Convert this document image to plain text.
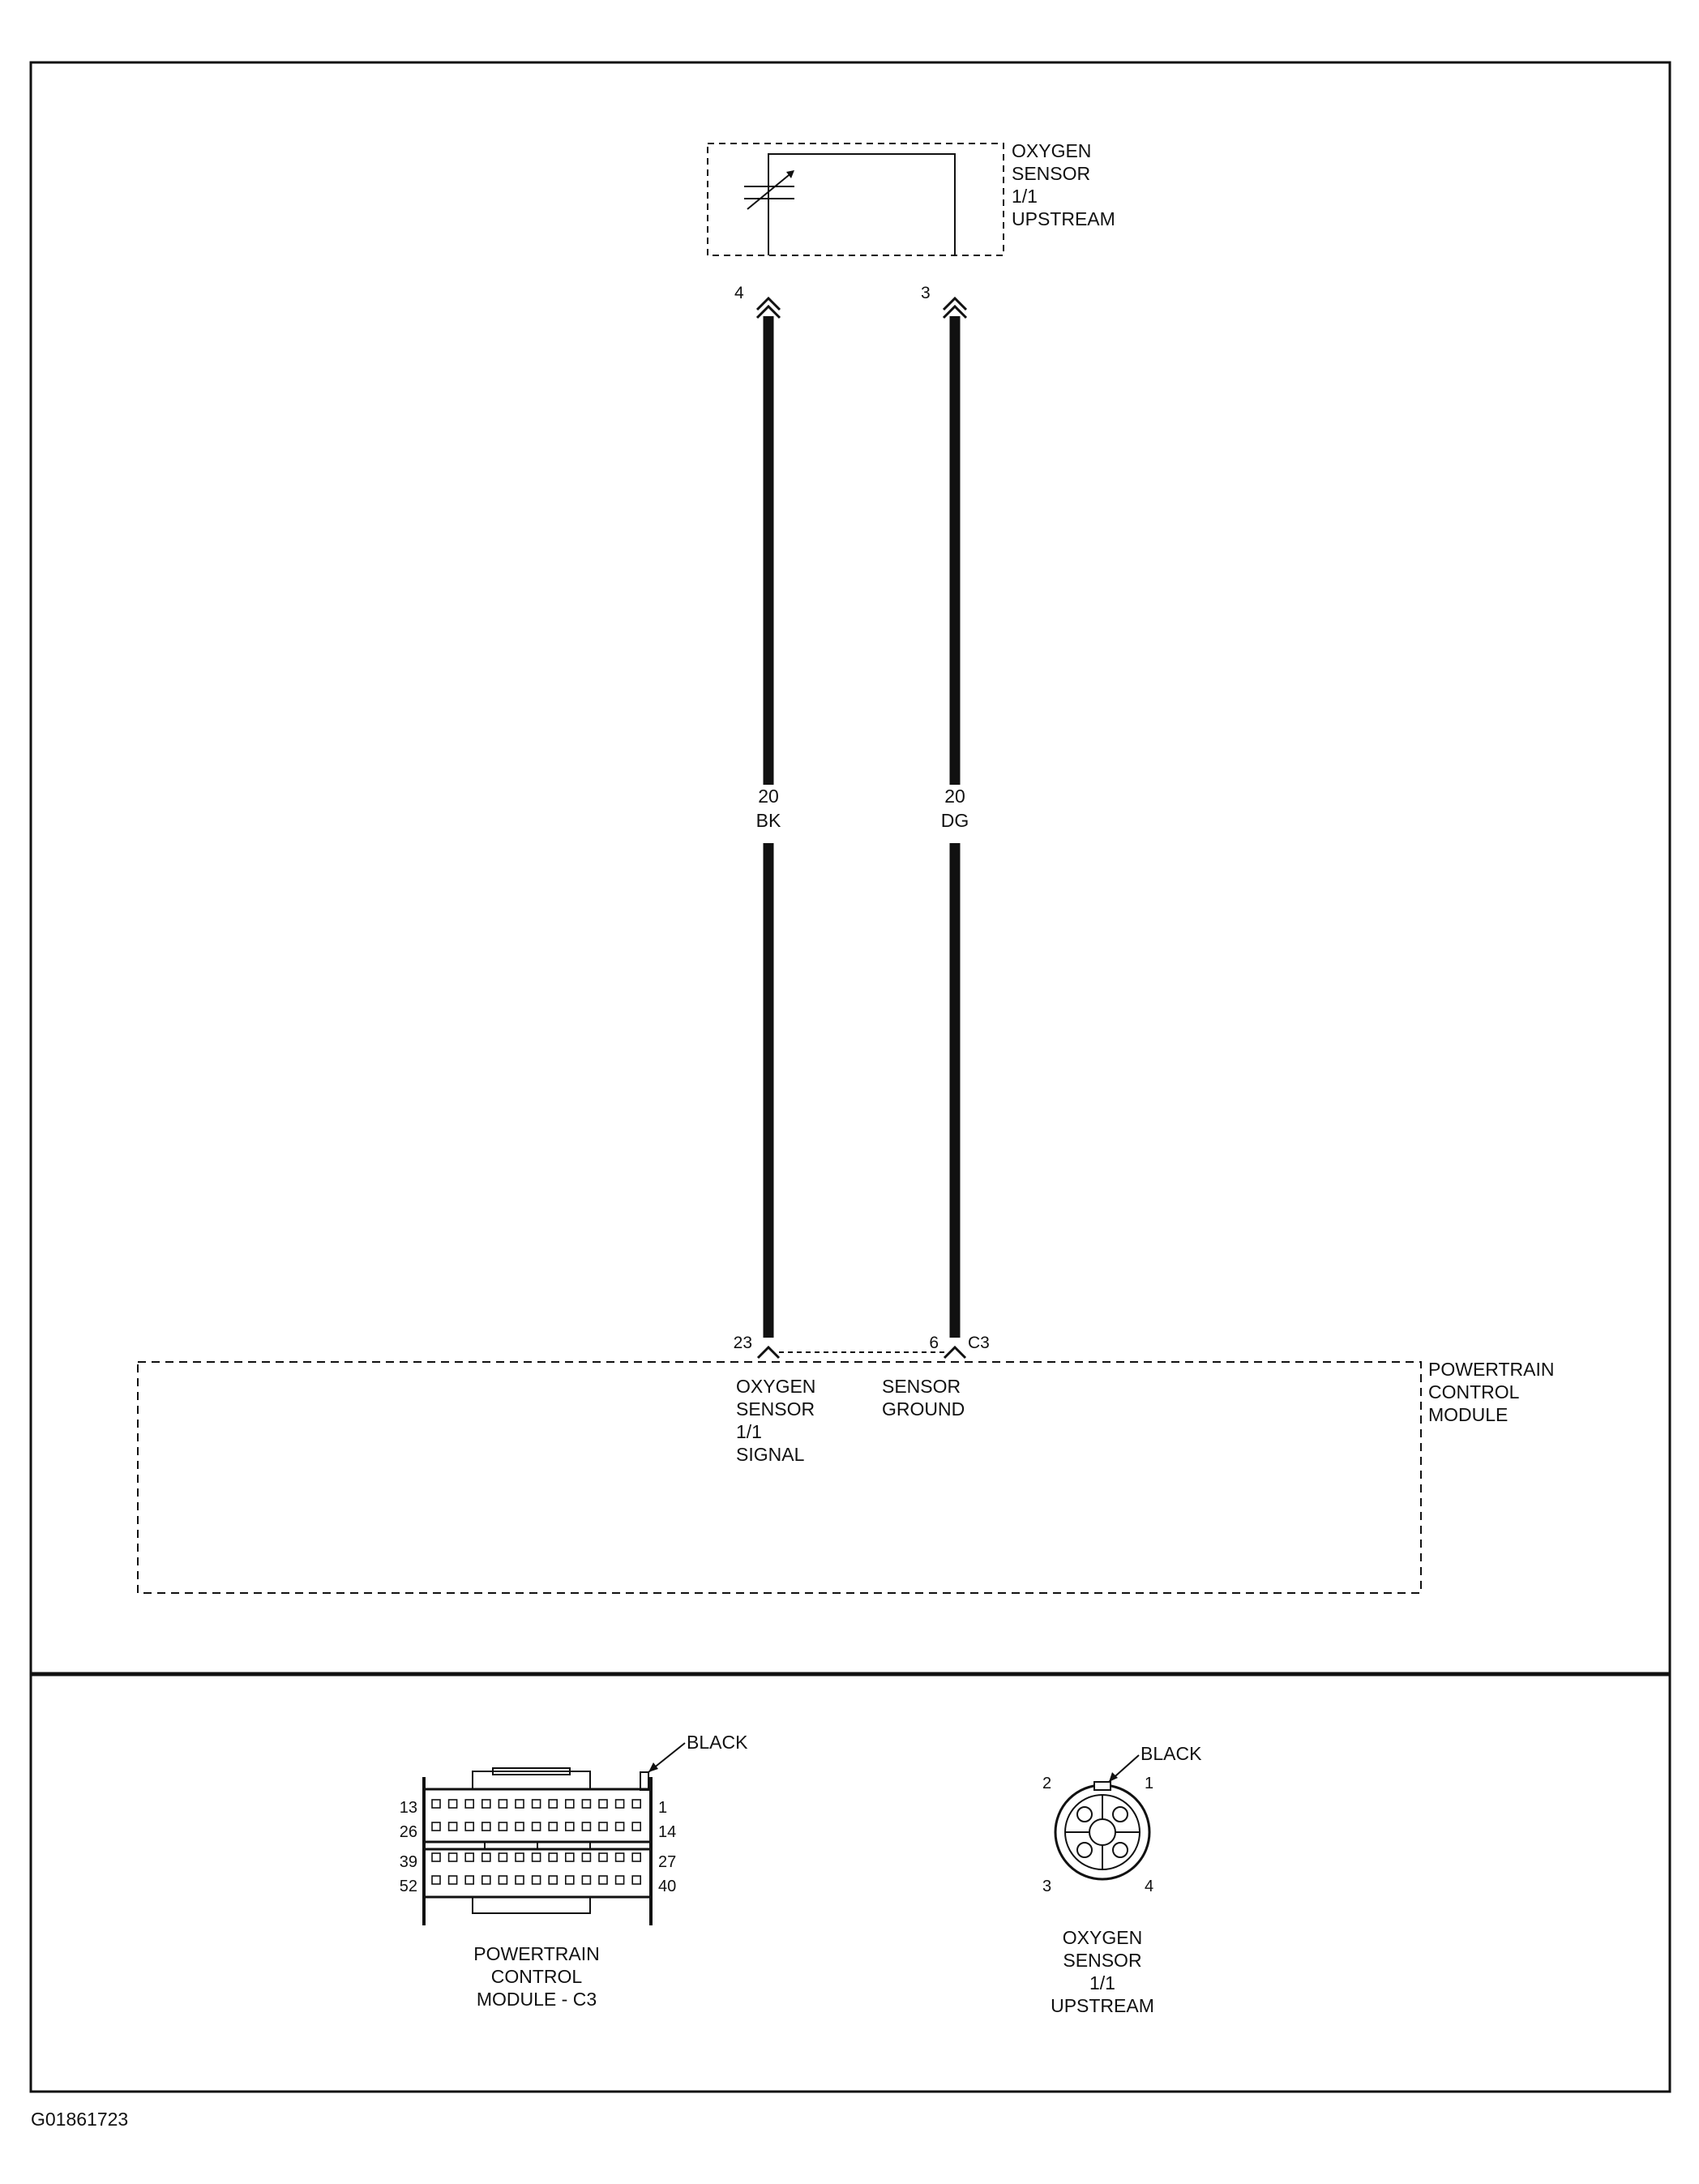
OXYGEN
SENSOR
1/1
UPSTREAM
4
20
BK
23
OXYGEN
SENSOR
1/1
SIGNAL
3
20
DG
6
SENSOR
GROUND
C3
POWERTRAIN
CONTROL
MODULE
BLACK
13
26
39
52
1
14
27
40
POWERTRAIN
CONTROL
MODULE - C3
BLACK
1
2
3	4
OXYGEN
SENSOR
1/1
UPSTREAM
G01861723
